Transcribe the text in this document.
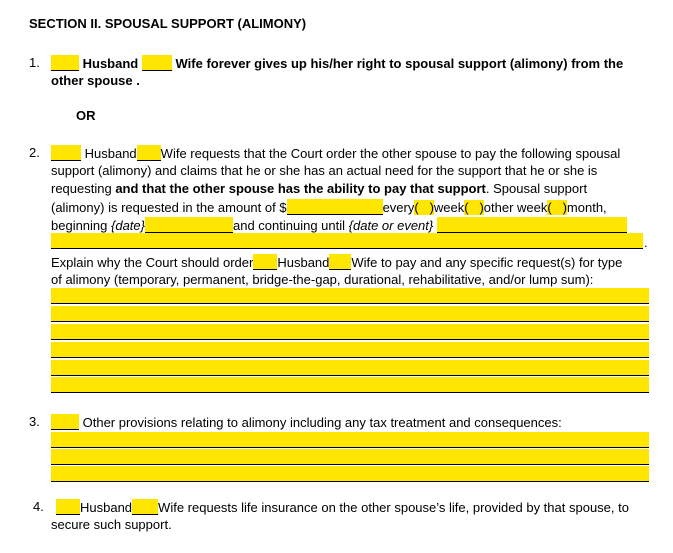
SECTION II. SPOUSAL SUPPORT (ALIMONY)
1.	Husband	Wife forever gives up his/her right to spousal support (alimony) from the
other spouse .
OR
2.	Husband Wife requests that the Court order the other spouse to pay the following spousal
support (alimony) and claims that he or she has an actual need for the support that he or she is
requesting and that the other spouse has the ability to pay that support. Spousal support
(alimony) is requested in the amount of $	every( )week( )other week( )month,
beginning {date}	and continuing until {date or event}
.
Explain why the Court should order Husband Wife to pay and any specific request(s) for type
of alimony (temporary, permanent, bridge-the-gap, durational, rehabilitative, and/or lump sum):
3.	Other provisions relating to alimony including any tax treatment and consequences:
4.	Husband Wife requests life insurance on the other spouse’s life, provided by that spouse, to
secure such support.
